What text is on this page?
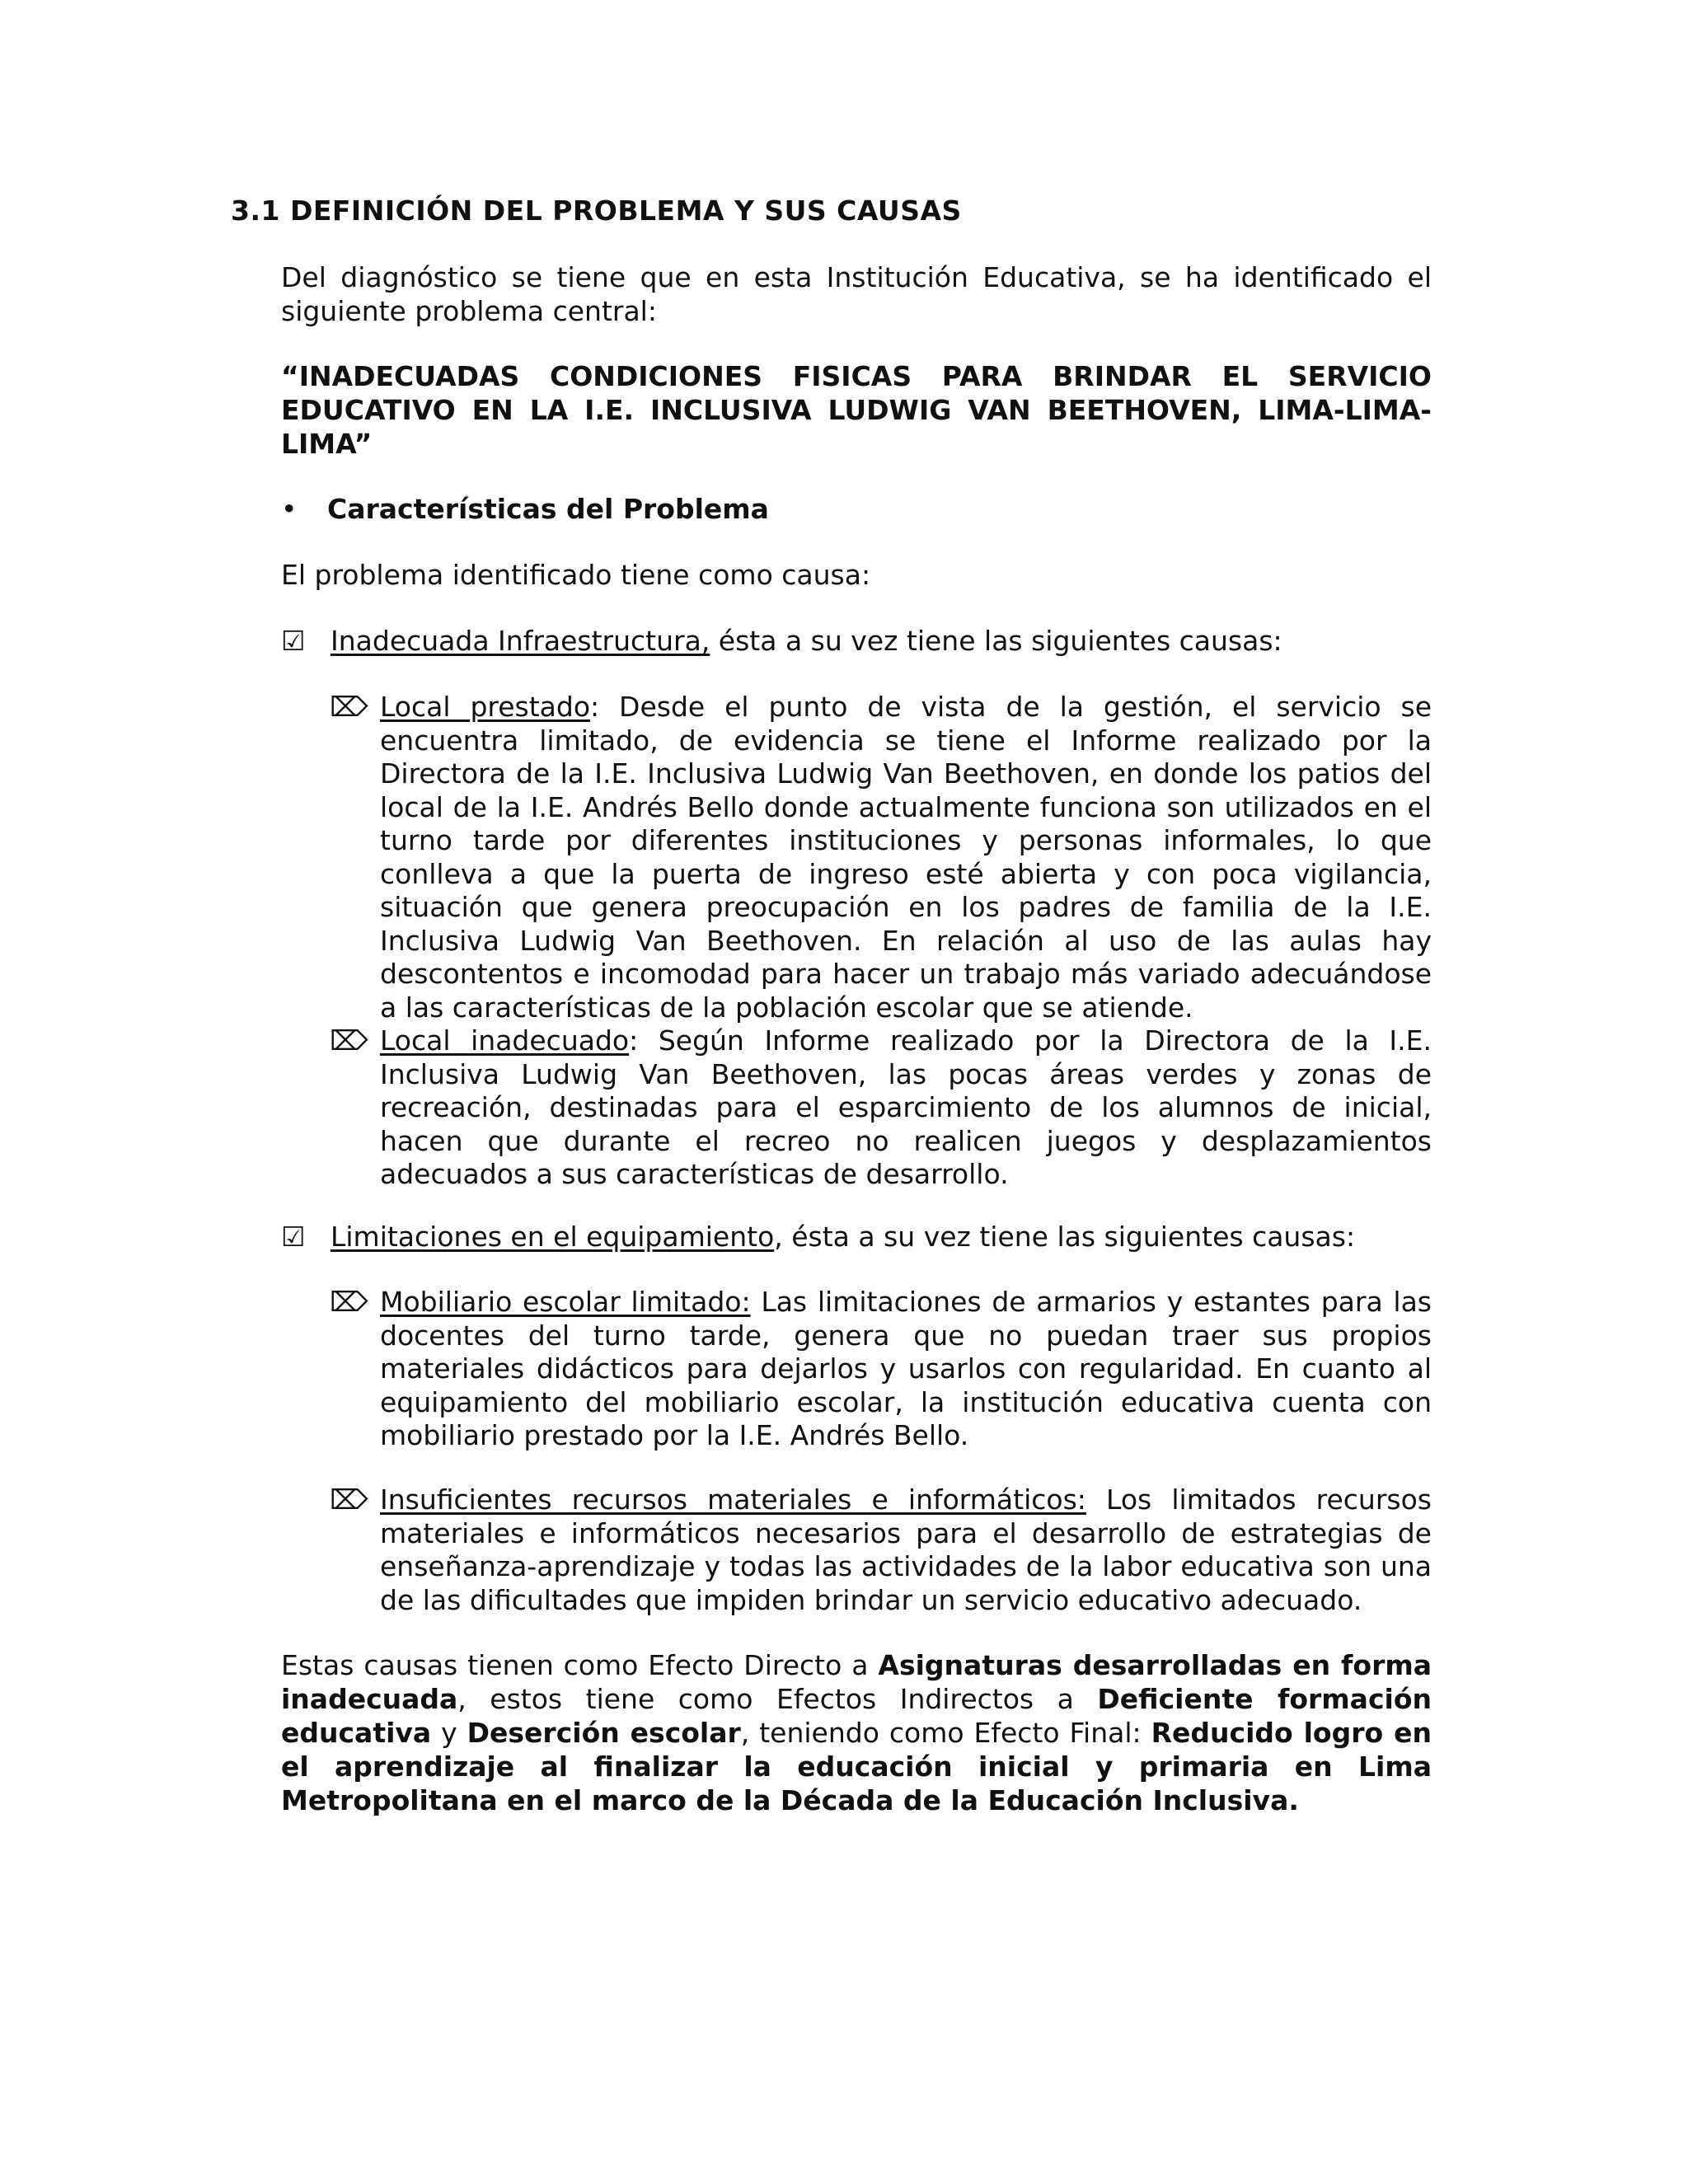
3.1 DEFINICIÓN DEL PROBLEMA Y SUS CAUSAS

Del diagnóstico se tiene que en esta Institución Educativa, se ha identificado el siguiente problema central:

“INADECUADAS CONDICIONES FISICAS PARA BRINDAR EL SERVICIO EDUCATIVO EN LA I.E. INCLUSIVA LUDWIG VAN BEETHOVEN, LIMA-LIMA-LIMA”

• Características del Problema

El problema identificado tiene como causa:

☑ Inadecuada Infraestructura, ésta a su vez tiene las siguientes causas:
⌦ Local prestado: Desde el punto de vista de la gestión, el servicio se encuentra limitado, de evidencia se tiene el Informe realizado por la Directora de la I.E. Inclusiva Ludwig Van Beethoven, en donde los patios del local de la I.E. Andrés Bello donde actualmente funciona son utilizados en el turno tarde por diferentes instituciones y personas informales, lo que conlleva a que la puerta de ingreso esté abierta y con poca vigilancia, situación que genera preocupación en los padres de familia de la I.E. Inclusiva Ludwig Van Beethoven. En relación al uso de las aulas hay descontentos e incomodad para hacer un trabajo más variado adecuándose a las características de la población escolar que se atiende.

⌦ Local inadecuado: Según Informe realizado por la Directora de la I.E. Inclusiva Ludwig Van Beethoven, las pocas áreas verdes y zonas de recreación, destinadas para el esparcimiento de los alumnos de inicial, hacen que durante el recreo no realicen juegos y desplazamientos adecuados a sus características de desarrollo.

☑ Limitaciones en el equipamiento, ésta a su vez tiene las siguientes causas:
⌦ Mobiliario escolar limitado: Las limitaciones de armarios y estantes para las docentes del turno tarde, genera que no puedan traer sus propios materiales didácticos para dejarlos y usarlos con regularidad. En cuanto al equipamiento del mobiliario escolar, la institución educativa cuenta con mobiliario prestado por la I.E. Andrés Bello.

⌦ Insuficientes recursos materiales e informáticos: Los limitados recursos materiales e informáticos necesarios para el desarrollo de estrategias de enseñanza-aprendizaje y todas las actividades de la labor educativa son una de las dificultades que impiden brindar un servicio educativo adecuado.

Estas causas tienen como Efecto Directo a Asignaturas desarrolladas en forma inadecuada, estos tiene como Efectos Indirectos a Deficiente formación educativa y Deserción escolar, teniendo como Efecto Final: Reducido logro en el aprendizaje al finalizar la educación inicial y primaria en Lima Metropolitana en el marco de la Década de la Educación Inclusiva.
